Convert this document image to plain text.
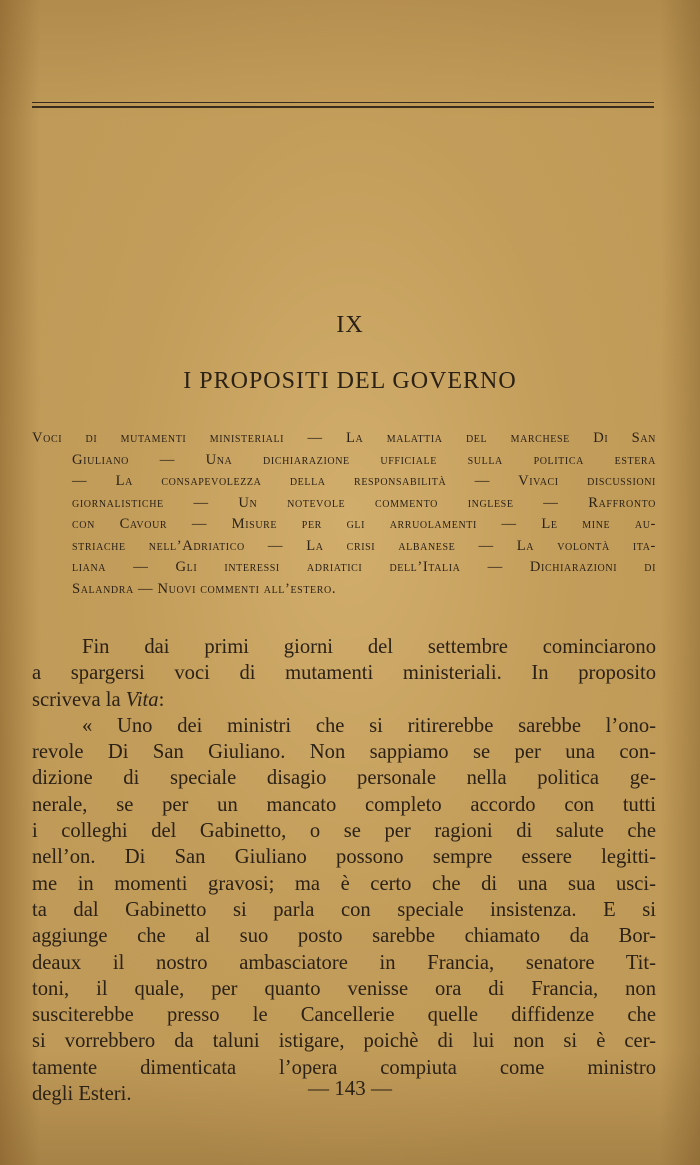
IX
I PROPOSITI DEL GOVERNO
Voci di mutamenti ministeriali — La malattia del marchese Di San
Giuliano — Una dichiarazione ufficiale sulla politica estera
— La consapevolezza della responsabilità — Vivaci discussioni
giornalistiche — Un notevole commento inglese — Raffronto
con Cavour — Misure per gli arruolamenti — Le mine au-
striache nell’Adriatico — La crisi albanese — La volontà ita-
liana — Gli interessi adriatici dell’Italia — Dichiarazioni di
Salandra — Nuovi commenti all’estero.
Fin dai primi giorni del settembre cominciarono
a spargersi voci di mutamenti ministeriali. In proposito
scriveva la Vita:
« Uno dei ministri che si ritirerebbe sarebbe l’ono-
revole Di San Giuliano. Non sappiamo se per una con-
dizione di speciale disagio personale nella politica ge-
nerale, se per un mancato completo accordo con tutti
i colleghi del Gabinetto, o se per ragioni di salute che
nell’on. Di San Giuliano possono sempre essere legitti-
me in momenti gravosi; ma è certo che di una sua usci-
ta dal Gabinetto si parla con speciale insistenza. E si
aggiunge che al suo posto sarebbe chiamato da Bor-
deaux il nostro ambasciatore in Francia, senatore Tit-
toni, il quale, per quanto venisse ora di Francia, non
susciterebbe presso le Cancellerie quelle diffidenze che
si vorrebbero da taluni istigare, poichè di lui non si è cer-
tamente dimenticata l’opera compiuta come ministro
degli Esteri.	— 143 —
